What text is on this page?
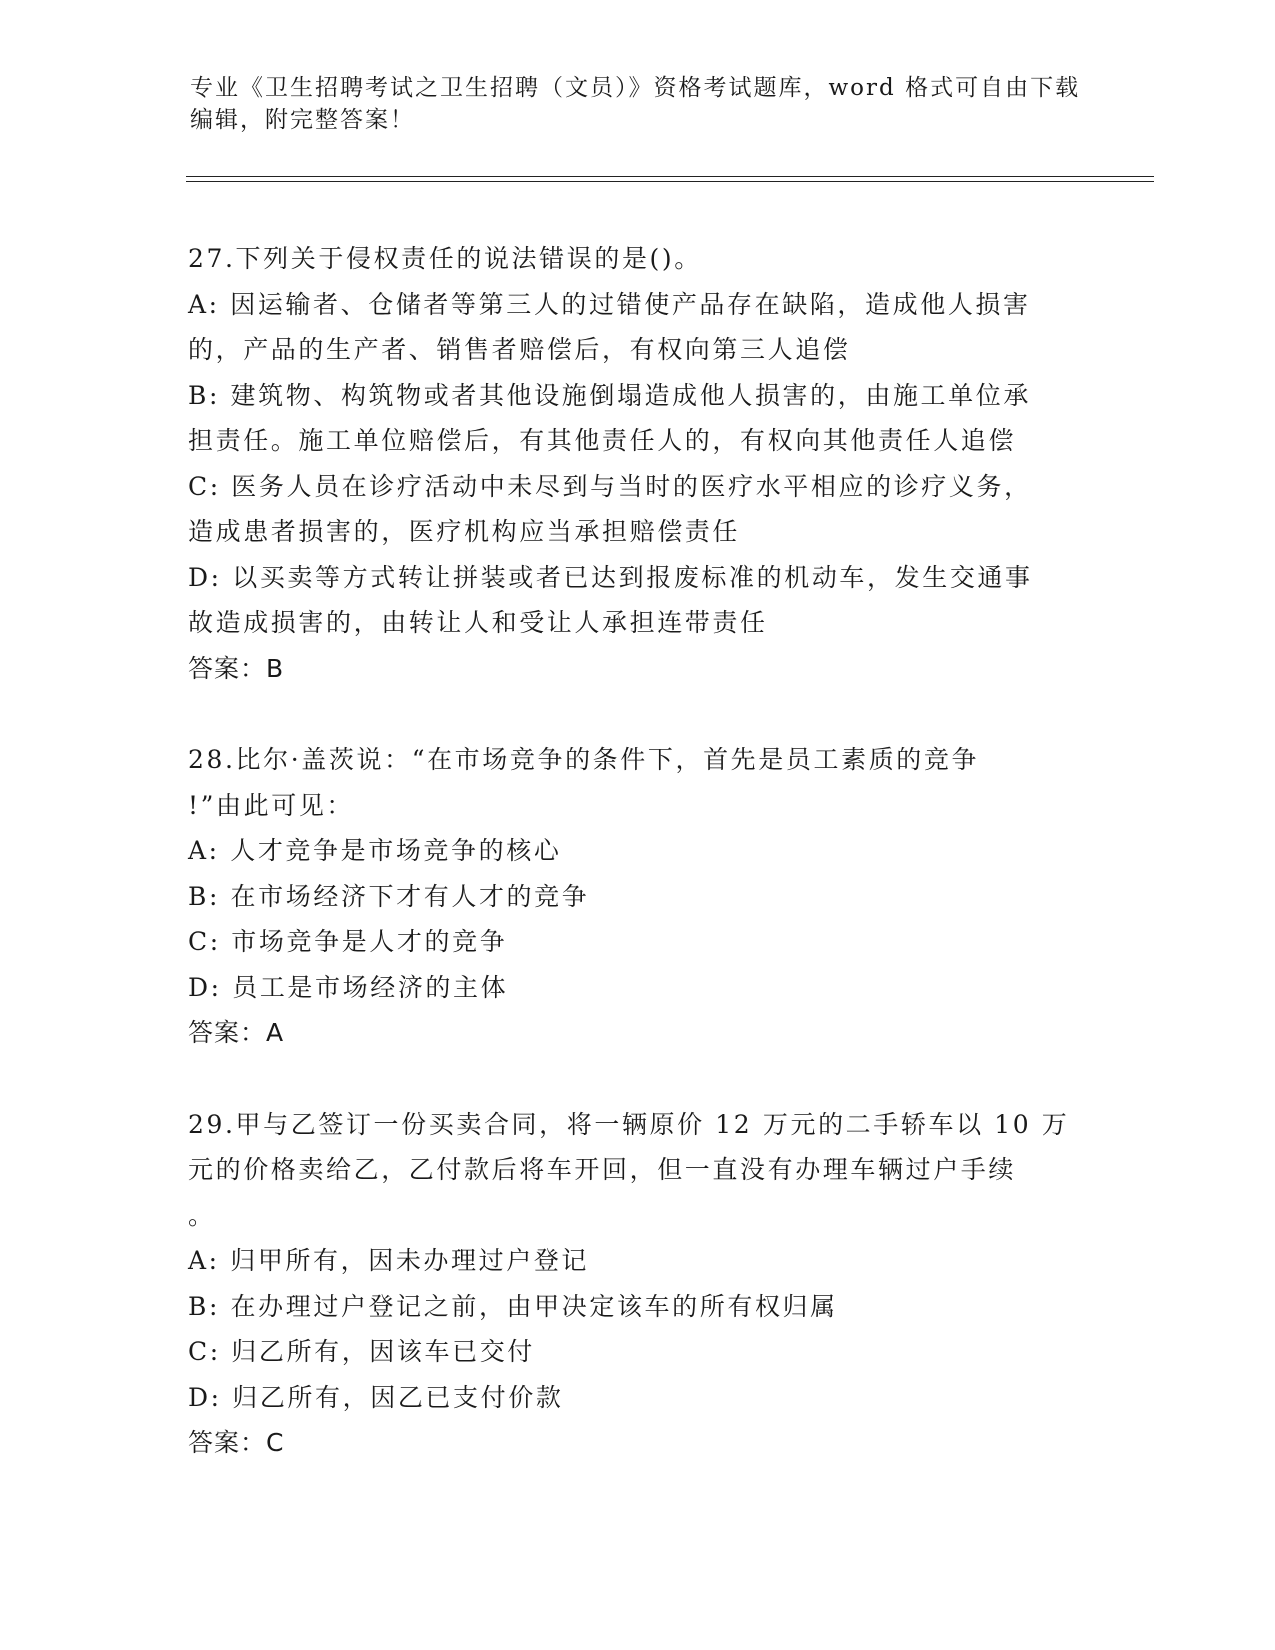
专业《卫生招聘考试之卫生招聘（文员）》资格考试题库，word 格式可自由下载
编辑，附完整答案！
27.下列关于侵权责任的说法错误的是()。
A: 因运输者、仓储者等第三人的过错使产品存在缺陷，造成他人损害
的，产品的生产者、销售者赔偿后，有权向第三人追偿
B: 建筑物、构筑物或者其他设施倒塌造成他人损害的，由施工单位承
担责任。施工单位赔偿后，有其他责任人的，有权向其他责任人追偿
C: 医务人员在诊疗活动中未尽到与当时的医疗水平相应的诊疗义务，
造成患者损害的，医疗机构应当承担赔偿责任
D: 以买卖等方式转让拼装或者已达到报废标准的机动车，发生交通事
故造成损害的，由转让人和受让人承担连带责任
答案：B
28.比尔·盖茨说：“在市场竞争的条件下，首先是员工素质的竞争
!”由此可见：
A: 人才竞争是市场竞争的核心
B: 在市场经济下才有人才的竞争
C: 市场竞争是人才的竞争
D: 员工是市场经济的主体
答案：A
29.甲与乙签订一份买卖合同，将一辆原价 12 万元的二手轿车以 10 万
元的价格卖给乙，乙付款后将车开回，但一直没有办理车辆过户手续
。
A: 归甲所有，因未办理过户登记
B: 在办理过户登记之前，由甲决定该车的所有权归属
C: 归乙所有，因该车已交付
D: 归乙所有，因乙已支付价款
答案：C
